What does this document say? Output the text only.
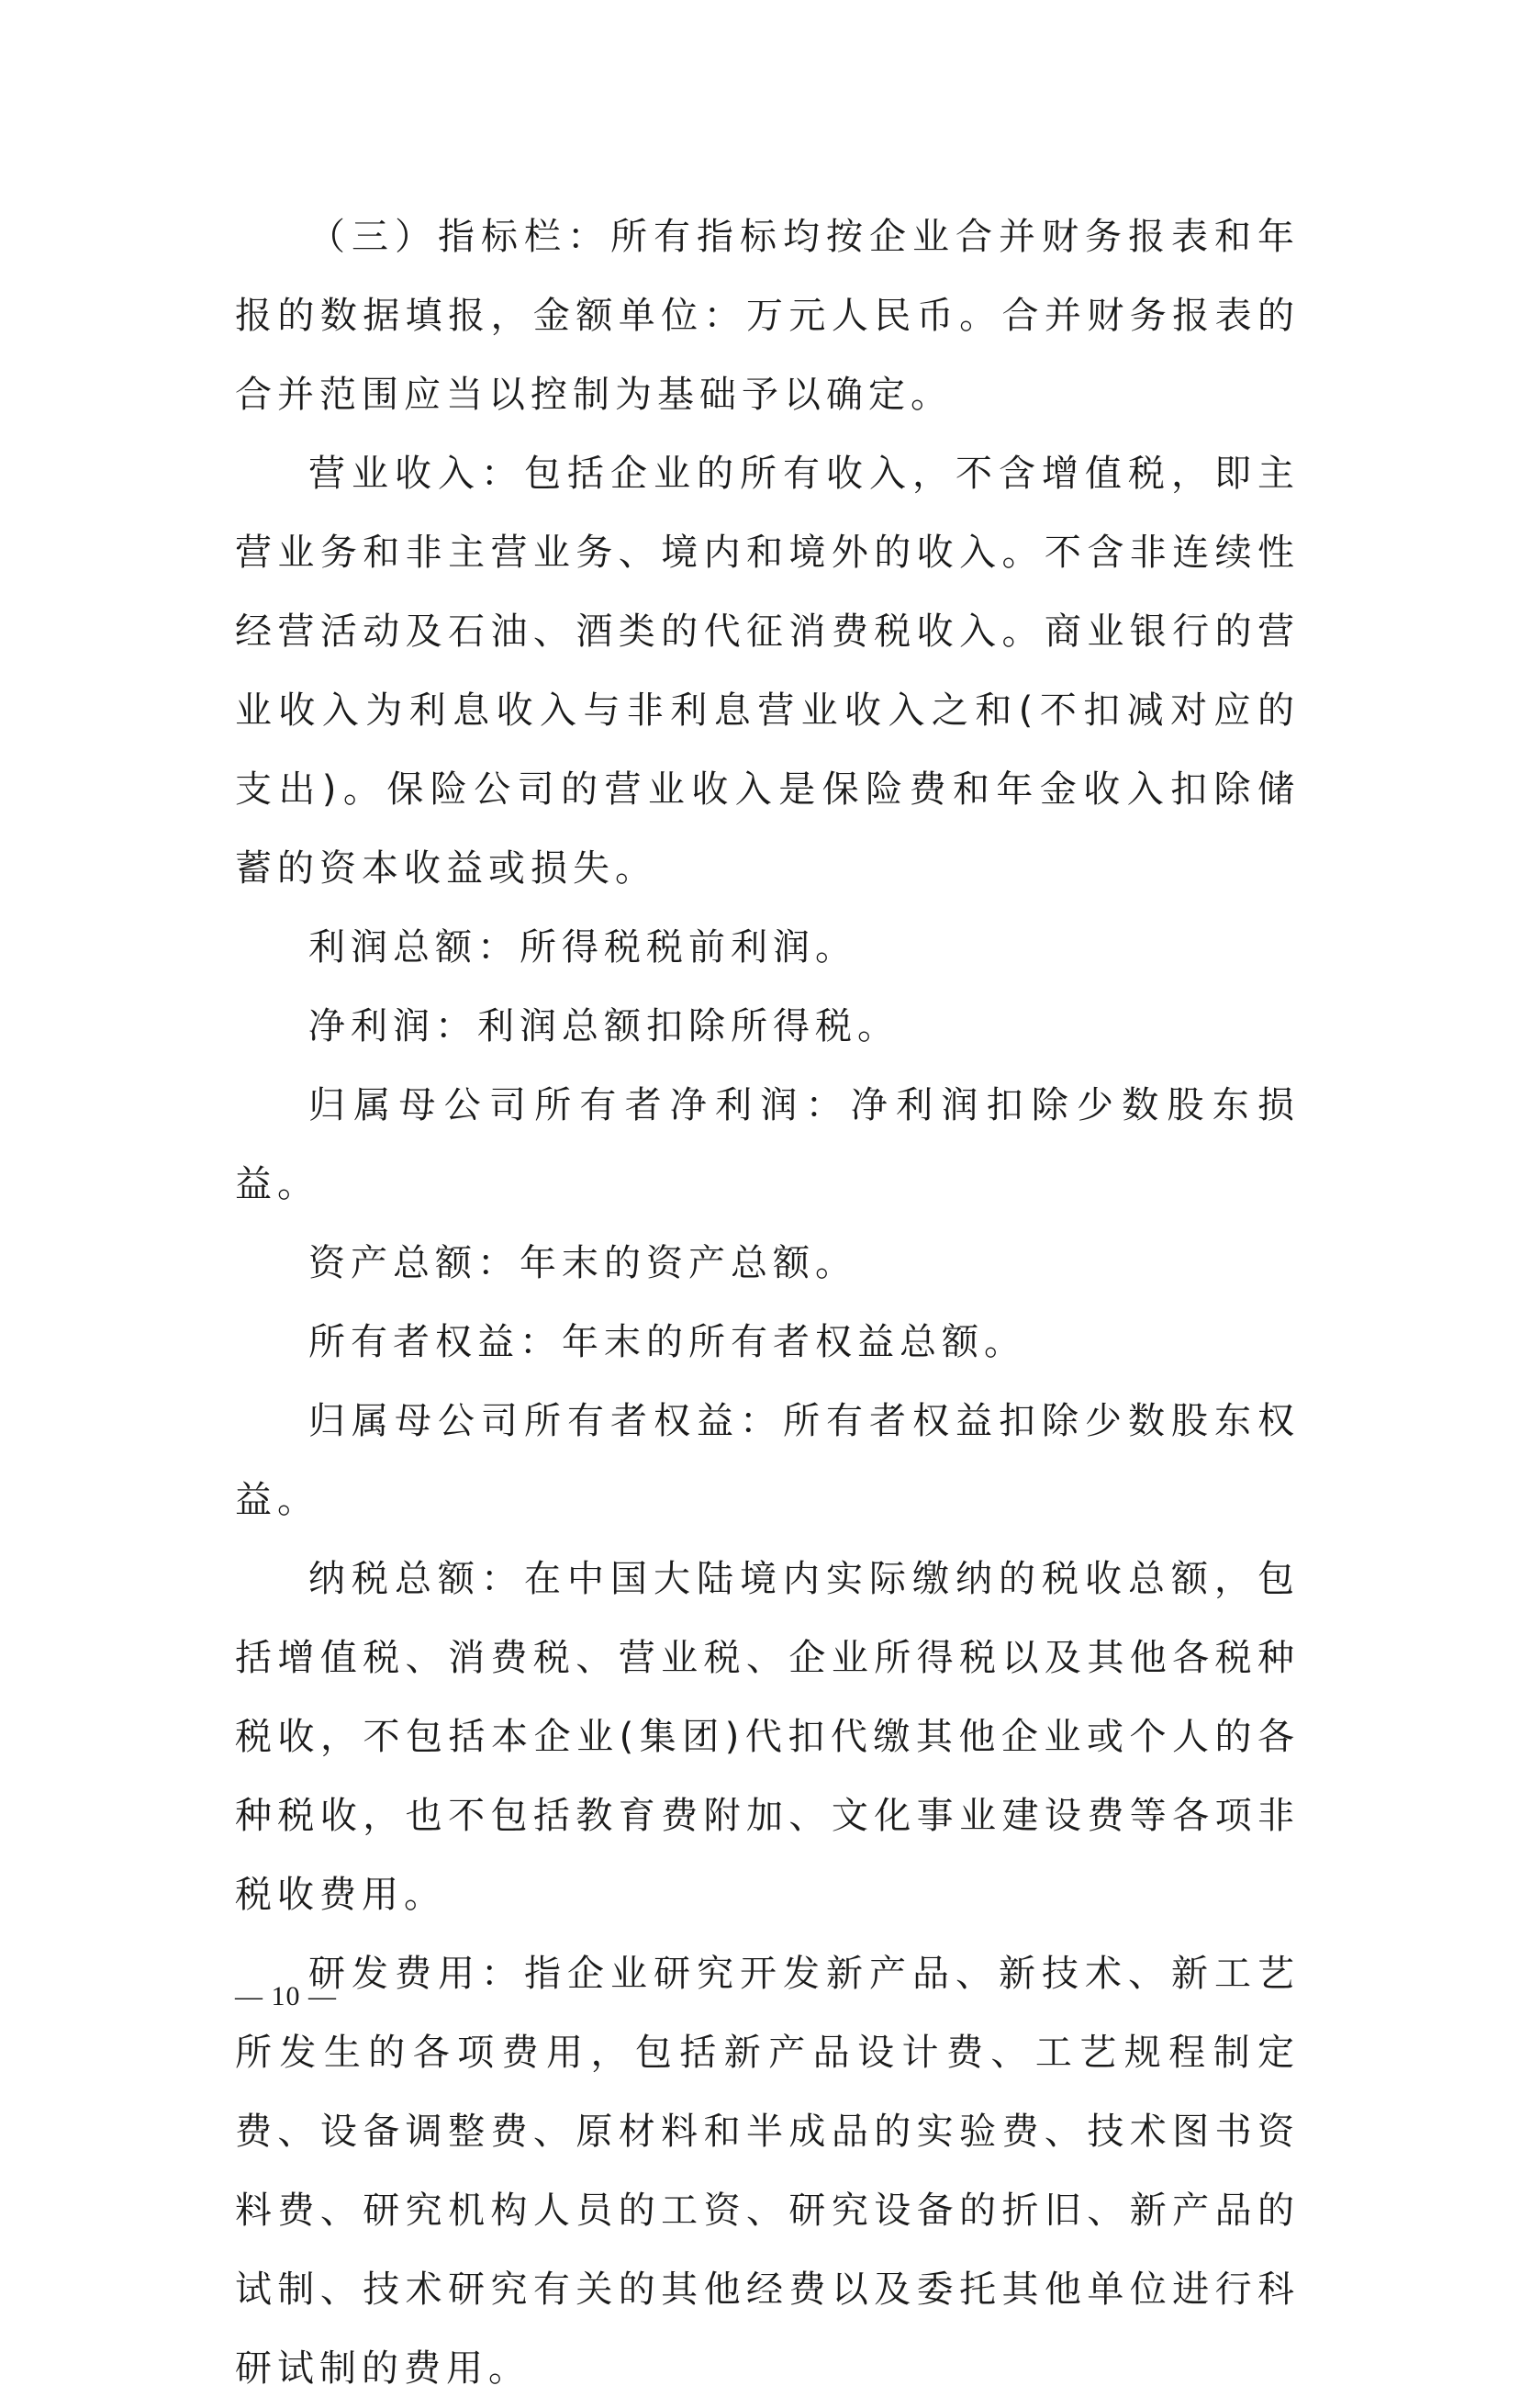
（三）指标栏：所有指标均按企业合并财务报表和年报的数据填报，金额单位：万元人民币。合并财务报表的合并范围应当以控制为基础予以确定。

营业收入：包括企业的所有收入，不含增值税，即主营业务和非主营业务、境内和境外的收入。不含非连续性经营活动及石油、酒类的代征消费税收入。商业银行的营业收入为利息收入与非利息营业收入之和(不扣减对应的支出)。保险公司的营业收入是保险费和年金收入扣除储蓄的资本收益或损失。

利润总额：所得税税前利润。

净利润：利润总额扣除所得税。

归属母公司所有者净利润：净利润扣除少数股东损益。

资产总额：年末的资产总额。

所有者权益：年末的所有者权益总额。

归属母公司所有者权益：所有者权益扣除少数股东权益。

纳税总额：在中国大陆境内实际缴纳的税收总额，包括增值税、消费税、营业税、企业所得税以及其他各税种税收，不包括本企业(集团)代扣代缴其他企业或个人的各种税收，也不包括教育费附加、文化事业建设费等各项非税收费用。

研发费用：指企业研究开发新产品、新技术、新工艺所发生的各项费用，包括新产品设计费、工艺规程制定费、设备调整费、原材料和半成品的实验费、技术图书资料费、研究机构人员的工资、研究设备的折旧、新产品的试制、技术研究有关的其他经费以及委托其他单位进行科研试制的费用。

— 10 —
